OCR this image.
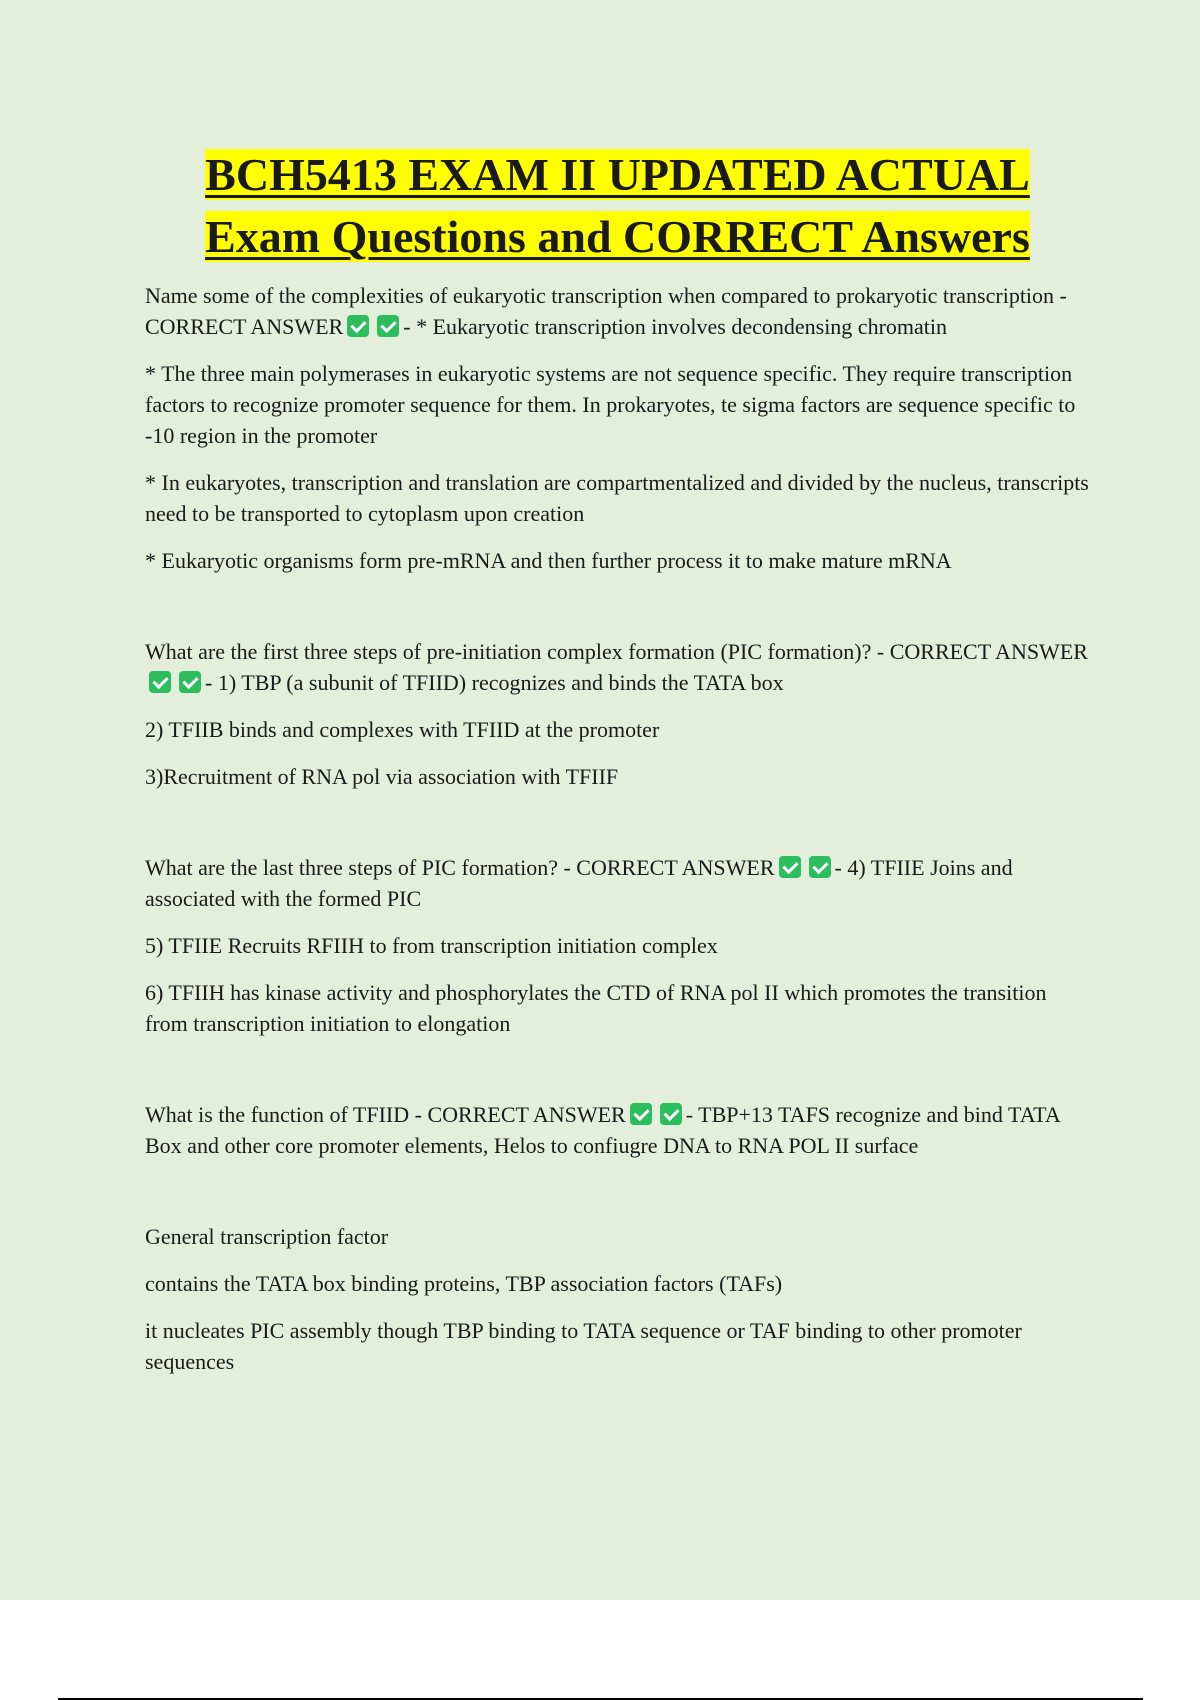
BCH5413 EXAM II UPDATED ACTUAL
Exam Questions and CORRECT Answers

Name some of the complexities of eukaryotic transcription when compared to prokaryotic transcription - CORRECT ANSWER	- * Eukaryotic transcription involves decondensing chromatin

* The three main polymerases in eukaryotic systems are not sequence specific. They require transcription factors to recognize promoter sequence for them. In prokaryotes, te sigma factors are sequence specific to -10 region in the promoter

* In eukaryotes, transcription and translation are compartmentalized and divided by the nucleus, transcripts need to be transported to cytoplasm upon creation

* Eukaryotic organisms form pre-mRNA and then further process it to make mature mRNA

What are the first three steps of pre-initiation complex formation (PIC formation)? - CORRECT ANSWER- 1) TBP (a subunit of TFIID) recognizes and binds the TATA box

2) TFIIB binds and complexes with TFIID at the promoter

3)Recruitment of RNA pol via association with TFIIF

What are the last three steps of PIC formation? - CORRECT ANSWER	- 4) TFIIE Joins and associated with the formed PIC

5) TFIIE Recruits RFIIH to from transcription initiation complex

6) TFIIH has kinase activity and phosphorylates the CTD of RNA pol II which promotes the transition from transcription initiation to elongation

What is the function of TFIID - CORRECT ANSWER	- TBP+13 TAFS recognize and bind TATA Box and other core promoter elements, Helos to confiugre DNA to RNA POL II surface

General transcription factor

contains the TATA box binding proteins, TBP association factors (TAFs)

it nucleates PIC assembly though TBP binding to TATA sequence or TAF binding to other promoter sequences
